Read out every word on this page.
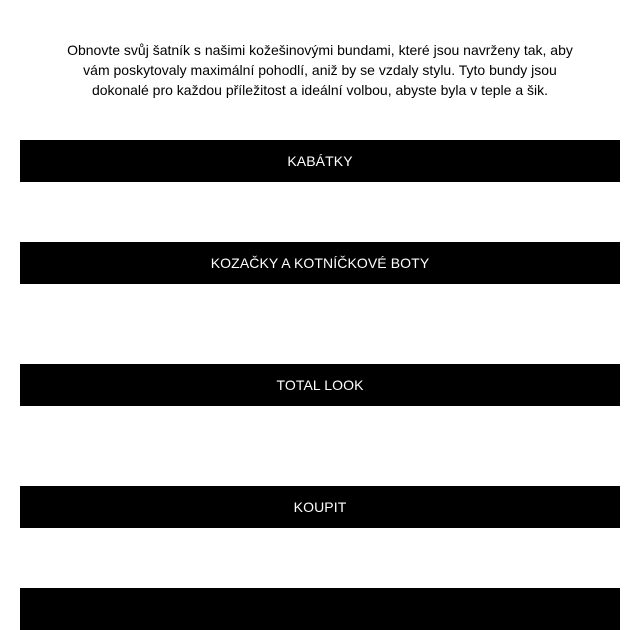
Obnovte svůj šatník s našimi kožešinovými bundami, které jsou navrženy tak, aby vám poskytovaly maximální pohodlí, aniž by se vzdaly stylu. Tyto bundy jsou dokonalé pro každou příležitost a ideální volbou, abyste byla v teple a šik.

KABÁTKY
KOZAČKY A KOTNÍČKOVÉ BOTY
TOTAL LOOK
KOUPIT
